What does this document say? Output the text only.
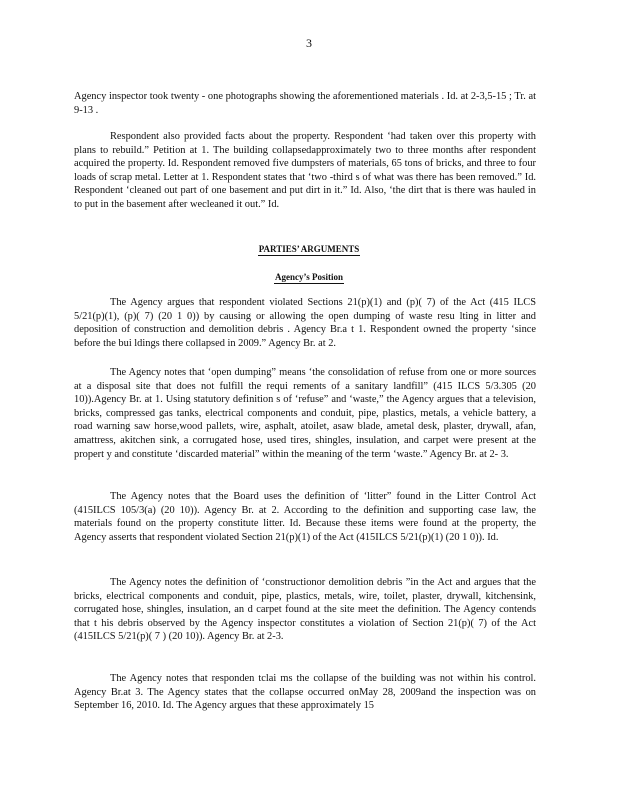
3

Agency inspector took twenty - one photographs showing the aforementioned materials . Id. at 2-3,5-15 ; Tr. at 9-13 .

Respondent also provided facts about the property. Respondent ‘had taken over this property with plans to rebuild.” Petition at 1. The building collapsedapproximately two to three months after respondent acquired the property. Id. Respondent removed five dumpsters of materials, 65 tons of bricks, and three to four loads of scrap metal. Letter at 1. Respondent states that ‘two -third s of what was there has been removed.” Id. Respondent ‘cleaned out part of one basement and put dirt in it.” Id. Also, ‘the dirt that is there was hauled in to put in the basement after wecleaned it out.” Id.

PARTIES’ ARGUMENTS
Agency’s Position

The Agency argues that respondent violated Sections 21(p)(1) and (p)( 7) of the Act (415 ILCS 5/21(p)(1), (p)( 7) (20 1 0)) by causing or allowing the open dumping of waste resu lting in litter and deposition of construction and demolition debris . Agency Br.a t 1. Respondent owned the property ‘since before the bui ldings there collapsed in 2009.” Agency Br. at 2.

The Agency notes that ‘open dumping” means ‘the consolidation of refuse from one or more sources at a disposal site that does not fulfill the requi rements of a sanitary landfill” (415 ILCS 5/3.305 (20 10)).Agency Br. at 1. Using statutory definition s of ‘refuse” and ‘waste,” the Agency argues that a television, bricks, compressed gas tanks, electrical components and conduit, pipe, plastics, metals, a vehicle battery, a road warning saw horse,wood pallets, wire, asphalt, atoilet, asaw blade, ametal desk, plaster, drywall, afan, amattress, akitchen sink, a corrugated hose, used tires, shingles, insulation, and carpet were present at the propert y and constitute ‘discarded material” within the meaning of the term ‘waste.” Agency Br. at 2- 3.

The Agency notes that the Board uses the definition of ‘litter” found in the Litter Control Act (415ILCS 105/3(a) (20 10)). Agency Br. at 2. According to the definition and supporting case law, the materials found on the property constitute litter. Id. Because these items were found at the property, the Agency asserts that respondent violated Section 21(p)(1) of the Act (415ILCS 5/21(p)(1) (20 1 0)). Id.

The Agency notes the definition of ‘constructionor demolition debris ”in the Act and argues that the bricks, electrical components and conduit, pipe, plastics, metals, wire, toilet, plaster, drywall, kitchensink, corrugated hose, shingles, insulation, an d carpet found at the site meet the definition. The Agency contends that t his debris observed by the Agency inspector constitutes a violation of Section 21(p)( 7) of the Act (415ILCS 5/21(p)( 7 ) (20 10)). Agency Br. at 2-3.

The Agency notes that responden tclai ms the collapse of the building was not within his control. Agency Br.at 3. The Agency states that the collapse occurred onMay 28, 2009and the inspection was on September 16, 2010. Id. The Agency argues that these approximately 15
